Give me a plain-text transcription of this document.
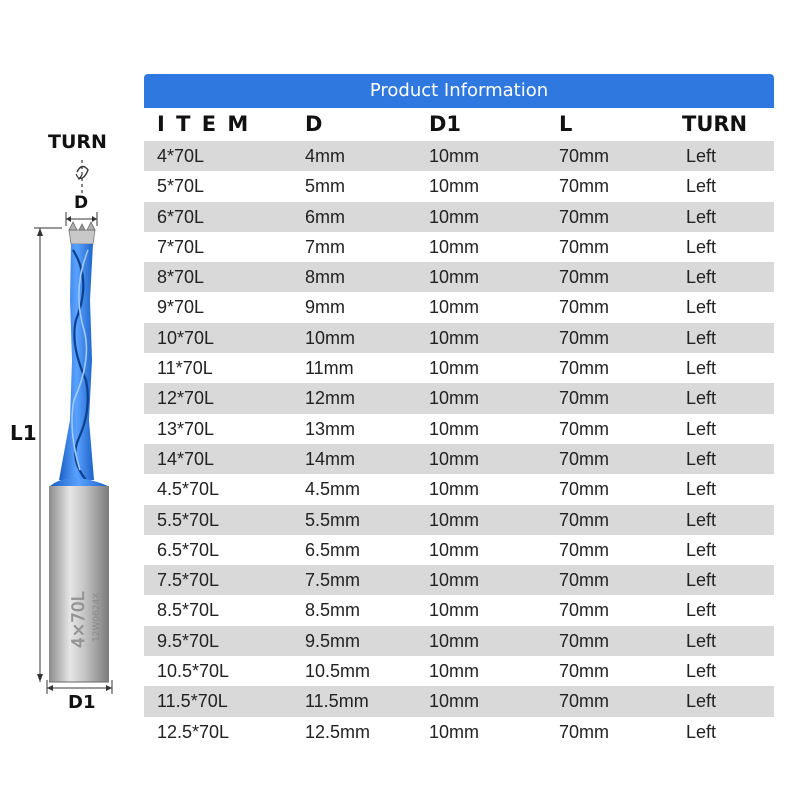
4×70L 12W0624X
TURN
D
L1
D1
Product Information
I T E M	D	D1	L	TURN
4*70L	4mm	10mm	70mm	Left
5*70L	5mm	10mm	70mm	Left
6*70L	6mm	10mm	70mm	Left
7*70L	7mm	10mm	70mm	Left
8*70L	8mm	10mm	70mm	Left
9*70L	9mm	10mm	70mm	Left
10*70L	10mm	10mm	70mm	Left
11*70L	11mm	10mm	70mm	Left
12*70L	12mm	10mm	70mm	Left
13*70L	13mm	10mm	70mm	Left
14*70L	14mm	10mm	70mm	Left
4.5*70L	4.5mm	10mm	70mm	Left
5.5*70L	5.5mm	10mm	70mm	Left
6.5*70L	6.5mm	10mm	70mm	Left
7.5*70L	7.5mm	10mm	70mm	Left
8.5*70L	8.5mm	10mm	70mm	Left
9.5*70L	9.5mm	10mm	70mm	Left
10.5*70L	10.5mm	10mm	70mm	Left
11.5*70L	11.5mm	10mm	70mm	Left
12.5*70L	12.5mm	10mm	70mm	Left
